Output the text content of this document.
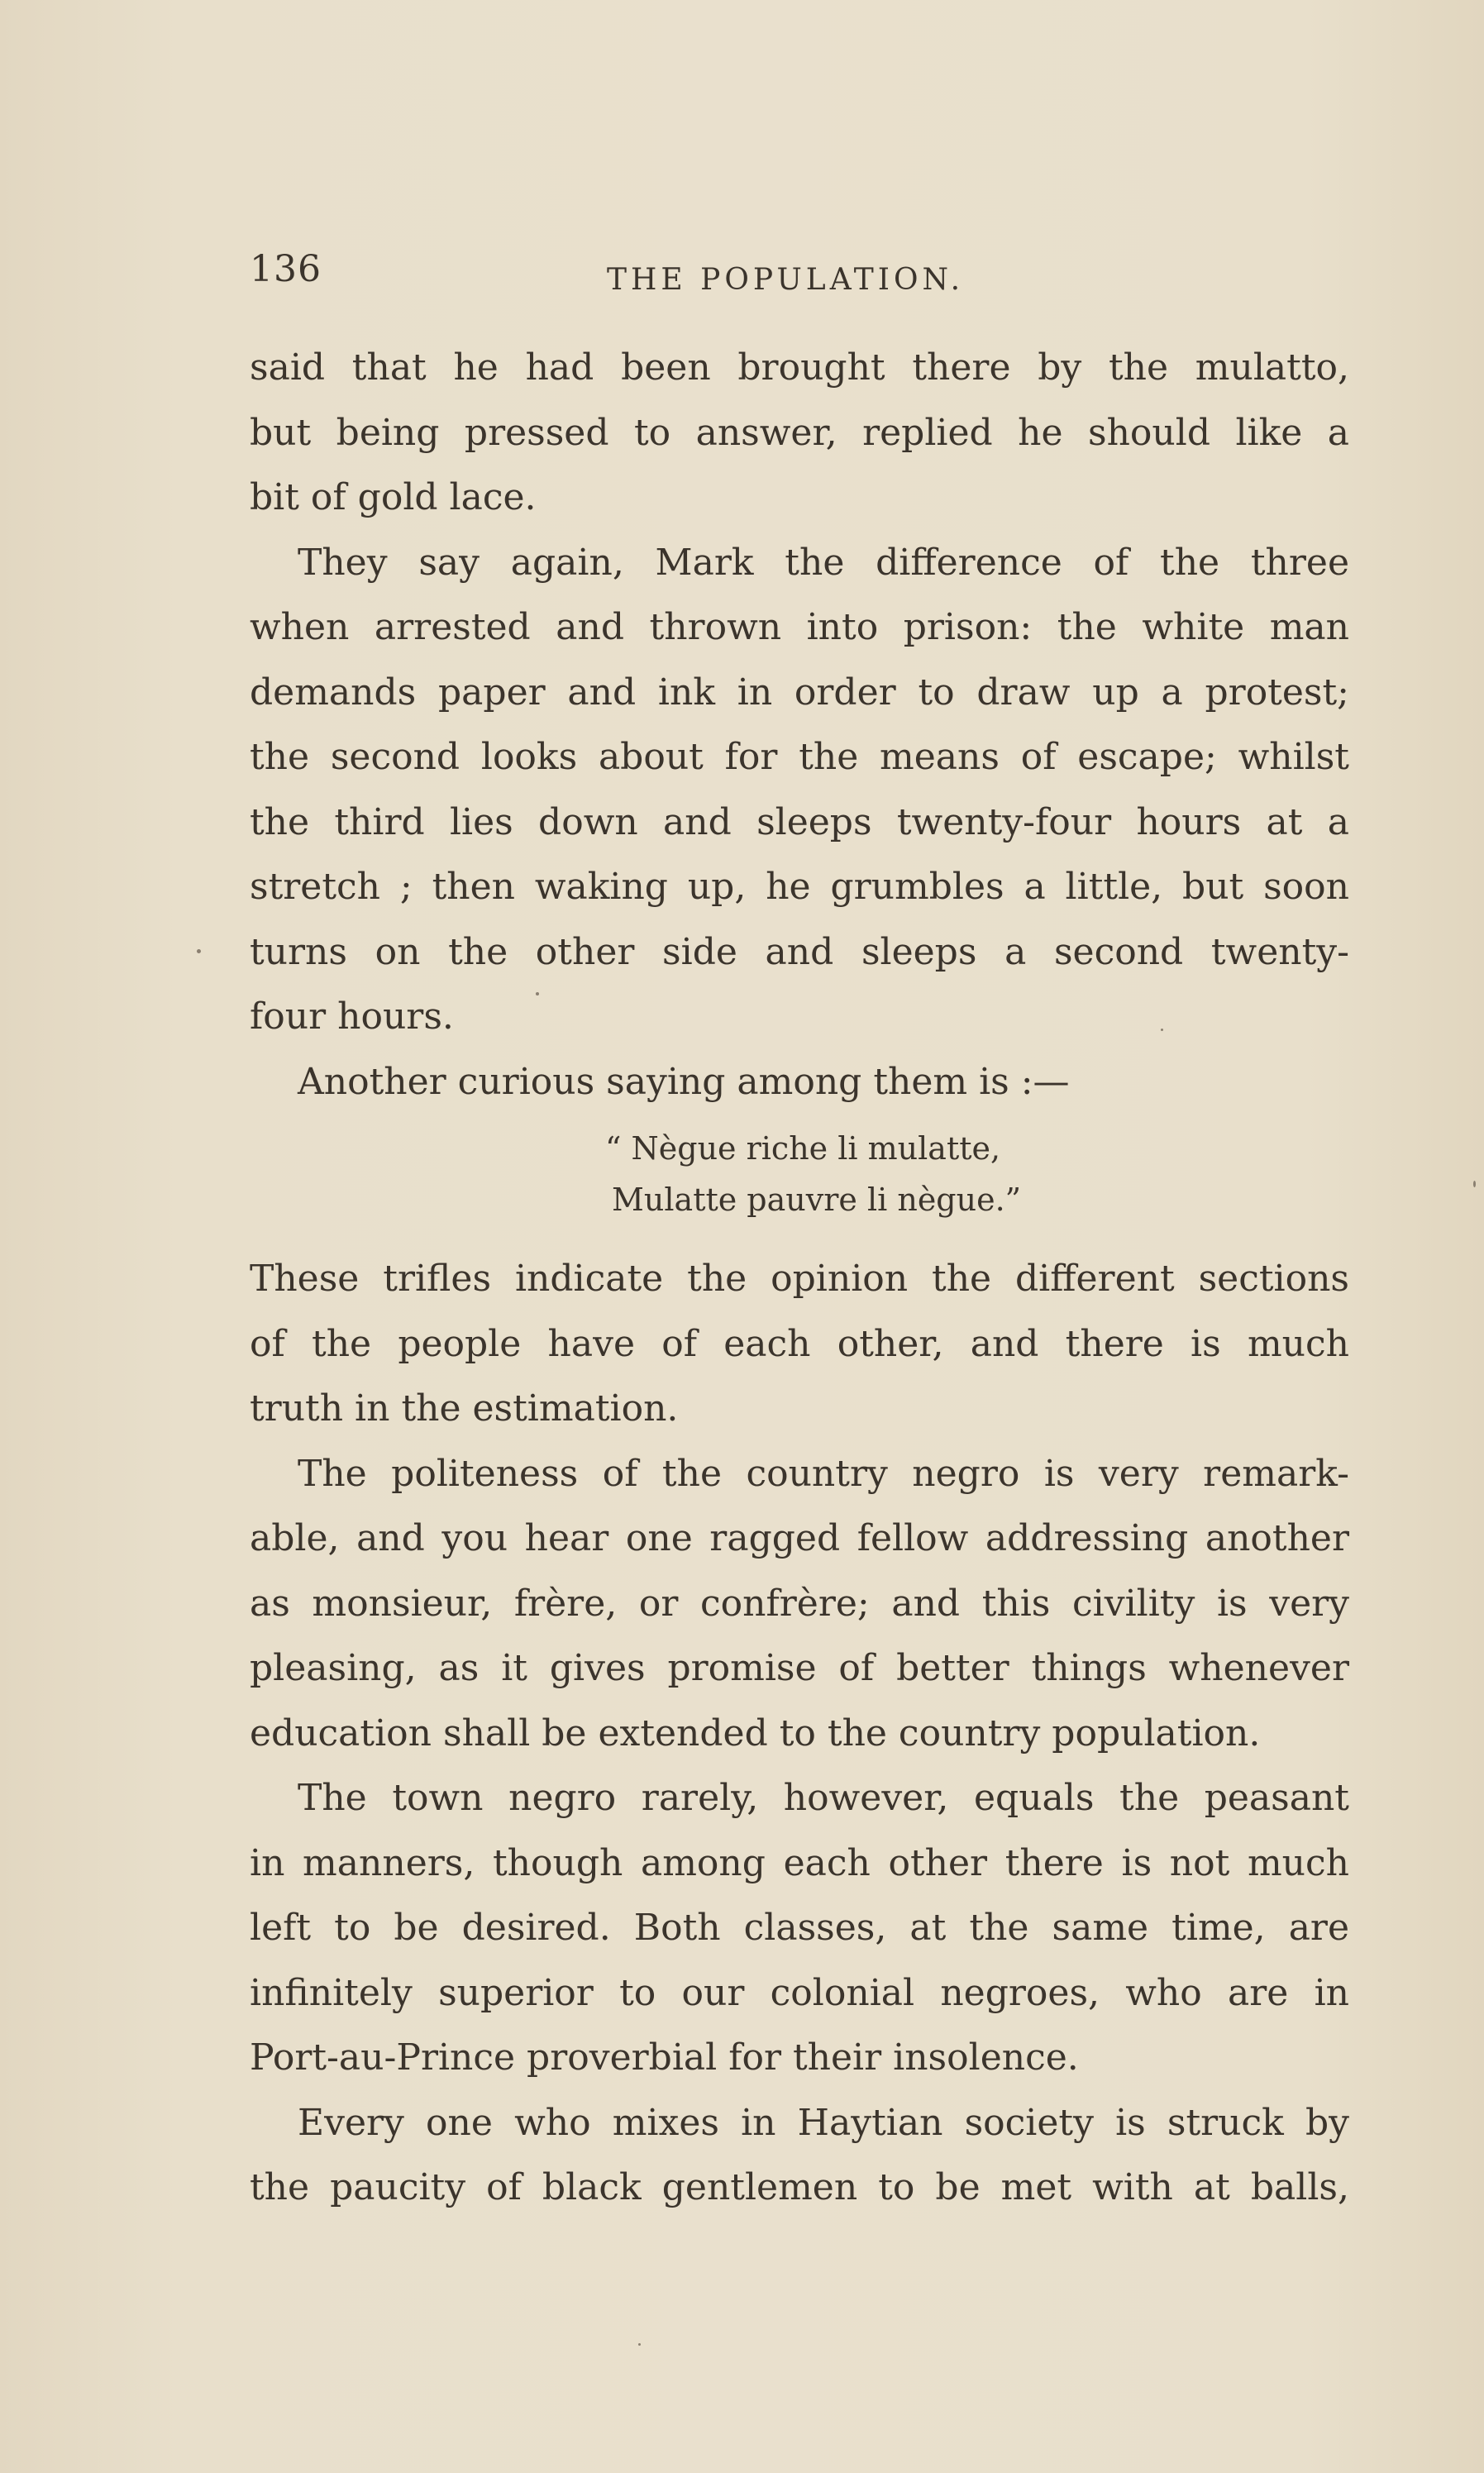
136	THE POPULATION.
said that he had been brought there by the mulatto,
but being pressed to answer, replied he should like a
bit of gold lace.
They say again, Mark the difference of the three
when arrested and thrown into prison: the white man
demands paper and ink in order to draw up a protest;
the second looks about for the means of escape; whilst
the third lies down and sleeps twenty-four hours at a
stretch ; then waking up, he grumbles a little, but soon
turns on the other side and sleeps a second twenty-
four hours.
Another curious saying among them is :—
“ Nègue riche li mulatte,
Mulatte pauvre li nègue.”
These trifles indicate the opinion the different sections
of the people have of each other, and there is much
truth in the estimation.
The politeness of the country negro is very remark-
able, and you hear one ragged fellow addressing another
as monsieur, frère, or confrère; and this civility is very
pleasing, as it gives promise of better things whenever
education shall be extended to the country population.
The town negro rarely, however, equals the peasant
in manners, though among each other there is not much
left to be desired. Both classes, at the same time, are
infinitely superior to our colonial negroes, who are in
Port-au-Prince proverbial for their insolence.
Every one who mixes in Haytian society is struck by
the paucity of black gentlemen to be met with at balls,
